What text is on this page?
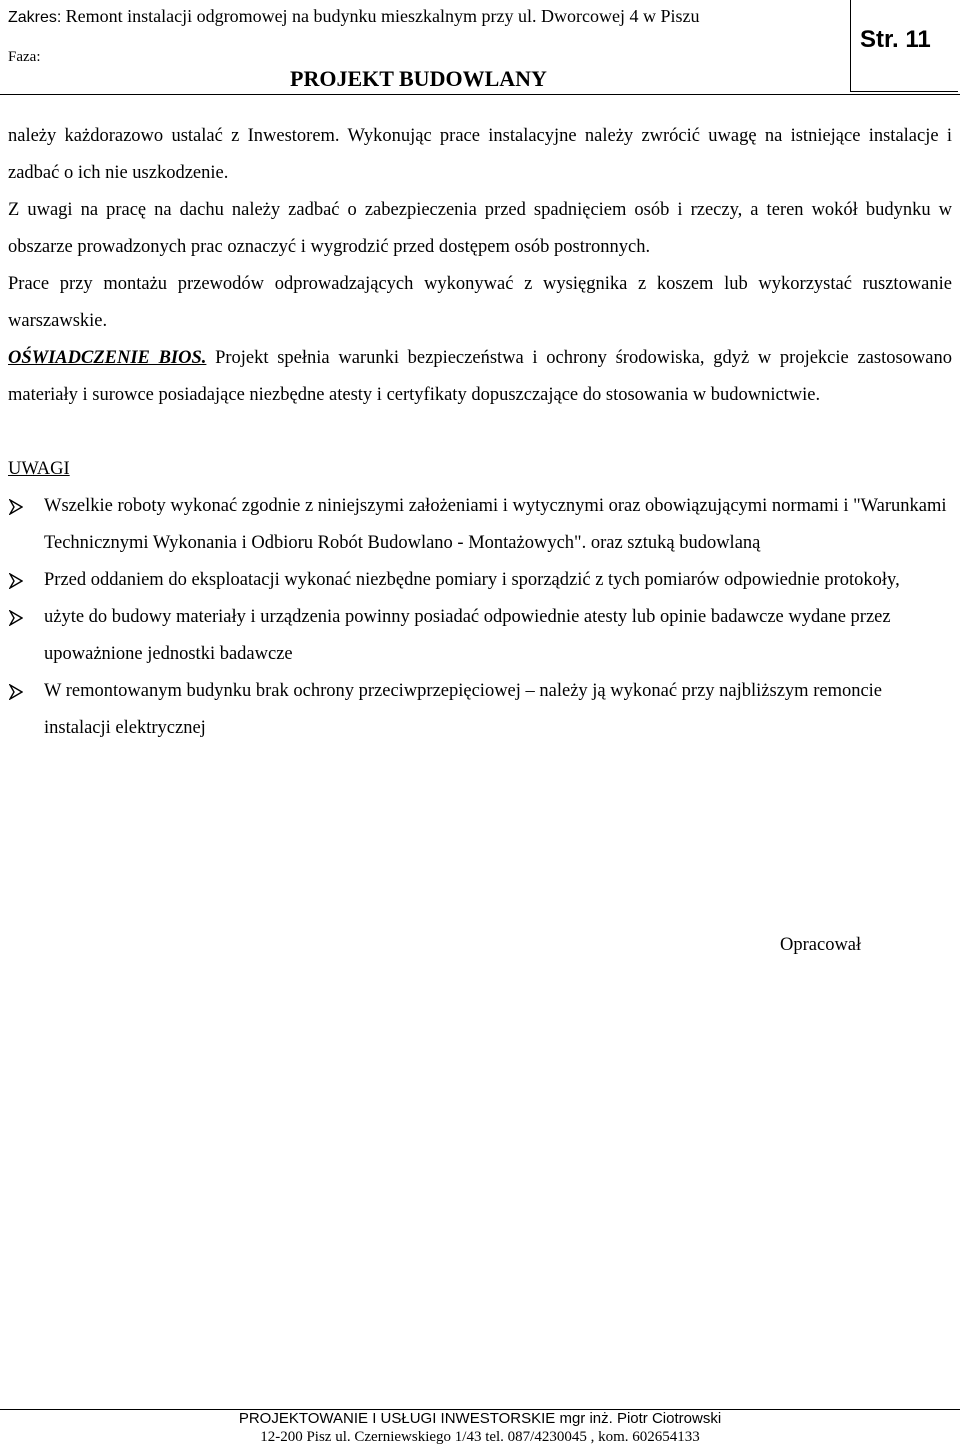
Zakres: Remont instalacji odgromowej na budynku mieszkalnym przy ul. Dworcowej 4 w Piszu
Faza:
PROJEKT BUDOWLANY
Str. 11

należy każdorazowo ustalać z Inwestorem. Wykonując prace instalacyjne należy zwrócić uwagę na istniejące instalacje i zadbać o ich nie uszkodzenie.

Z uwagi na pracę na dachu należy zadbać o zabezpieczenia przed spadnięciem osób i rzeczy, a teren wokół budynku w obszarze prowadzonych prac oznaczyć i wygrodzić przed dostępem osób postronnych.

Prace przy montażu przewodów odprowadzających wykonywać z wysięgnika z koszem lub wykorzystać rusztowanie warszawskie.

OŚWIADCZENIE BIOS. Projekt spełnia warunki bezpieczeństwa i ochrony środowiska, gdyż w projekcie zastosowano materiały i surowce posiadające niezbędne atesty i certyfikaty dopuszczające do stosowania w budownictwie.

UWAGI

Wszelkie roboty wykonać zgodnie z niniejszymi założeniami i wytycznymi oraz obowiązującymi normami i "Warunkami Technicznymi Wykonania i Odbioru Robót Budowlano - Montażowych". oraz sztuką budowlaną
Przed oddaniem do eksploatacji wykonać niezbędne pomiary i sporządzić z tych pomiarów odpowiednie protokoły,
użyte do budowy materiały i urządzenia powinny posiadać odpowiednie atesty lub opinie badawcze wydane przez upoważnione jednostki badawcze
W remontowanym budynku brak ochrony przeciwprzepięciowej – należy ją wykonać przy najbliższym remoncie instalacji elektrycznej
Opracował
PROJEKTOWANIE I USŁUGI INWESTORSKIE mgr inż. Piotr Ciotrowski
12-200 Pisz ul. Czerniewskiego 1/43 tel. 087/4230045 , kom. 602654133
